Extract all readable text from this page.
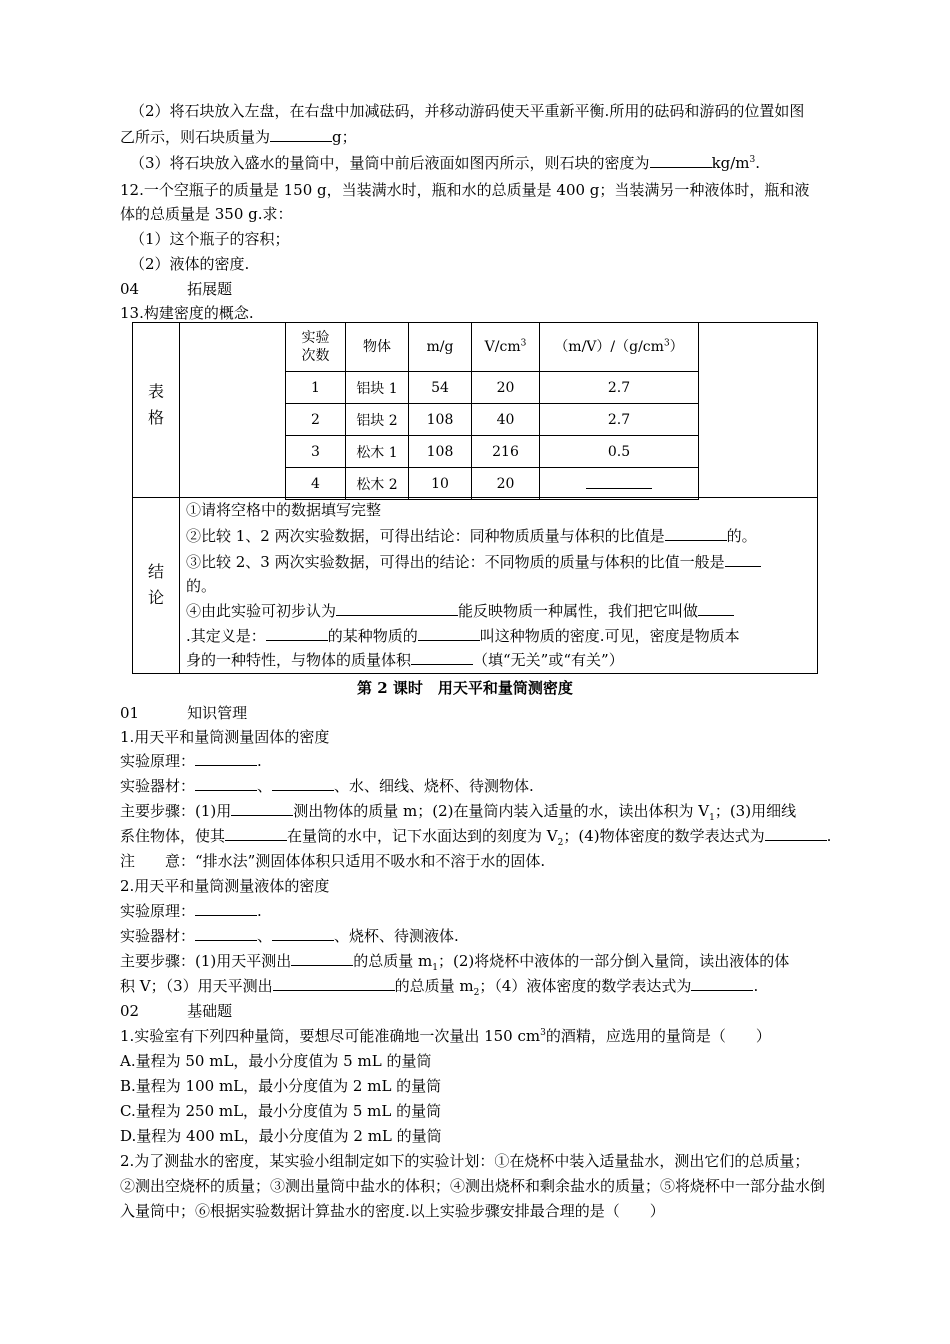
（2）将石块放入左盘，在右盘中加减砝码，并移动游码使天平重新平衡.所用的砝码和游码的位置如图
乙所示，则石块质量为	g；
（3）将石块放入盛水的量筒中，量筒中前后液面如图丙所示，则石块的密度为	$kg/m^3$.
12.一个空瓶子的质量是 150 g，当装满水时，瓶和水的总质量是 400 g；当装满另一种液体时，瓶和液
体的总质量是 350 g.求：
（1）这个瓶子的容积；
（2）液体的密度.
04	拓展题
13.构建密度的概念.
表
格
结
论
①请将空格中的数据填写完整
②比较 1、2 两次实验数据，可得出结论：同种物质质量与体积的比值是	的。
③比较 2、3 两次实验数据，可得出的结论：不同物质的质量与体积的比值一般是
的。
④由此实验可初步认为	能反映物质一种属性，我们把它叫做
.其定义是：	的某种物质的	叫这种物质的密度.可见，密度是物质本
身的一种特性，与物体的质量体积	（填“无关”或“有关”）
实验
次数	物体	m/g	$V/cm^3$	$(m/V)/(g/cm^3)$
1	铝块 1	54	20	2.7
2	铝块 2	108	40	2.7
3	松木 1	108	216	0.5
4	松木 2	10	20	
第 2 课时　用天平和量筒测密度
01	知识管理
1.用天平和量筒测量固体的密度
实验原理：	.
实验器材：	、	、水、细线、烧杯、待测物体.
主要步骤：(1)用	测出物体的质量 m；(2)在量筒内装入适量的水，读出体积为 $V_1$；(3)用细线
系住物体，使其	在量筒的水中，记下水面达到的刻度为 $V_2$；(4)物体密度的数学表达式为	.
注　　意：“排水法”测固体体积只适用不吸水和不溶于水的固体.
2.用天平和量筒测量液体的密度
实验原理：	.
实验器材：	、	、烧杯、待测液体.
主要步骤：(1)用天平测出	的总质量 $m_1$；(2)将烧杯中液体的一部分倒入量筒，读出液体的体
积 V；（3）用天平测出	的总质量 $m_2$；（4）液体密度的数学表达式为	.
02	基础题
1.实验室有下列四种量筒，要想尽可能准确地一次量出 150 $cm^3$的酒精，应选用的量筒是（　　）
A.量程为 50 mL，最小分度值为 5 mL 的量筒
B.量程为 100 mL，最小分度值为 2 mL 的量筒
C.量程为 250 mL，最小分度值为 5 mL 的量筒
D.量程为 400 mL，最小分度值为 2 mL 的量筒
2.为了测盐水的密度，某实验小组制定如下的实验计划：①在烧杯中装入适量盐水，测出它们的总质量；
②测出空烧杯的质量；③测出量筒中盐水的体积；④测出烧杯和剩余盐水的质量；⑤将烧杯中一部分盐水倒
入量筒中；⑥根据实验数据计算盐水的密度.以上实验步骤安排最合理的是（　　）
